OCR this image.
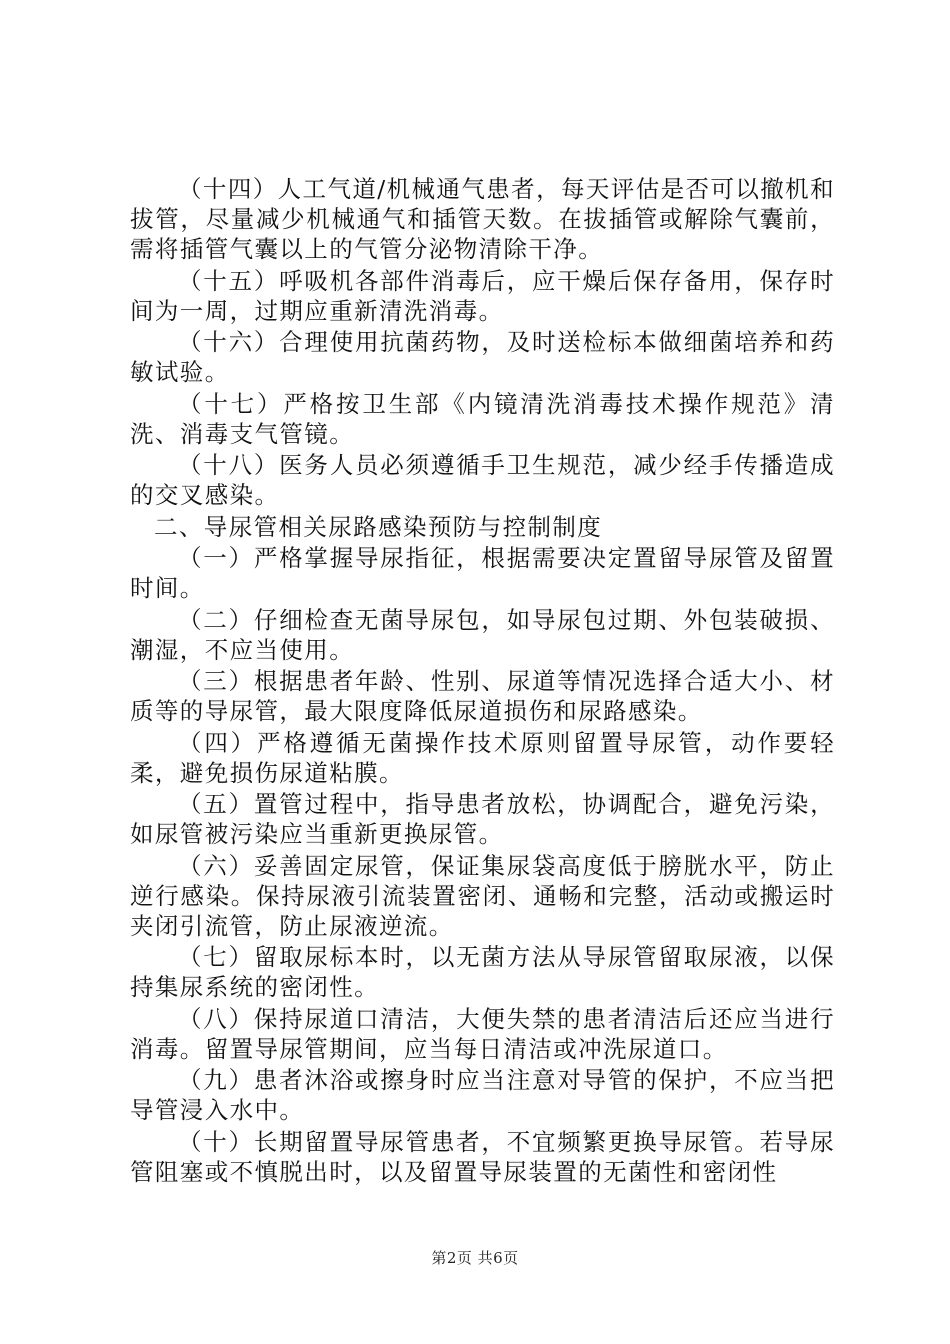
（十四）人工气道/机械通气患者，每天评估是否可以撤机和拔管，尽量减少机械通气和插管天数。在拔插管或解除气囊前，需将插管气囊以上的气管分泌物清除干净。

（十五）呼吸机各部件消毒后，应干燥后保存备用，保存时间为一周，过期应重新清洗消毒。

（十六）合理使用抗菌药物，及时送检标本做细菌培养和药敏试验。

（十七）严格按卫生部《内镜清洗消毒技术操作规范》清洗、消毒支气管镜。

（十八）医务人员必须遵循手卫生规范，减少经手传播造成的交叉感染。

二、导尿管相关尿路感染预防与控制制度

（一）严格掌握导尿指征，根据需要决定置留导尿管及留置时间。

（二）仔细检查无菌导尿包，如导尿包过期、外包装破损、潮湿，不应当使用。

（三）根据患者年龄、性别、尿道等情况选择合适大小、材质等的导尿管，最大限度降低尿道损伤和尿路感染。

（四）严格遵循无菌操作技术原则留置导尿管，动作要轻柔，避免损伤尿道粘膜。

（五）置管过程中，指导患者放松，协调配合，避免污染，如尿管被污染应当重新更换尿管。

（六）妥善固定尿管，保证集尿袋高度低于膀胱水平，防止逆行感染。保持尿液引流装置密闭、通畅和完整，活动或搬运时夹闭引流管，防止尿液逆流。

（七）留取尿标本时，以无菌方法从导尿管留取尿液，以保持集尿系统的密闭性。

（八）保持尿道口清洁，大便失禁的患者清洁后还应当进行消毒。留置导尿管期间，应当每日清洁或冲洗尿道口。

（九）患者沐浴或擦身时应当注意对导管的保护，不应当把导管浸入水中。

（十）长期留置导尿管患者，不宜频繁更换导尿管。若导尿管阻塞或不慎脱出时，以及留置导尿装置的无菌性和密闭性

第2页 共6页
